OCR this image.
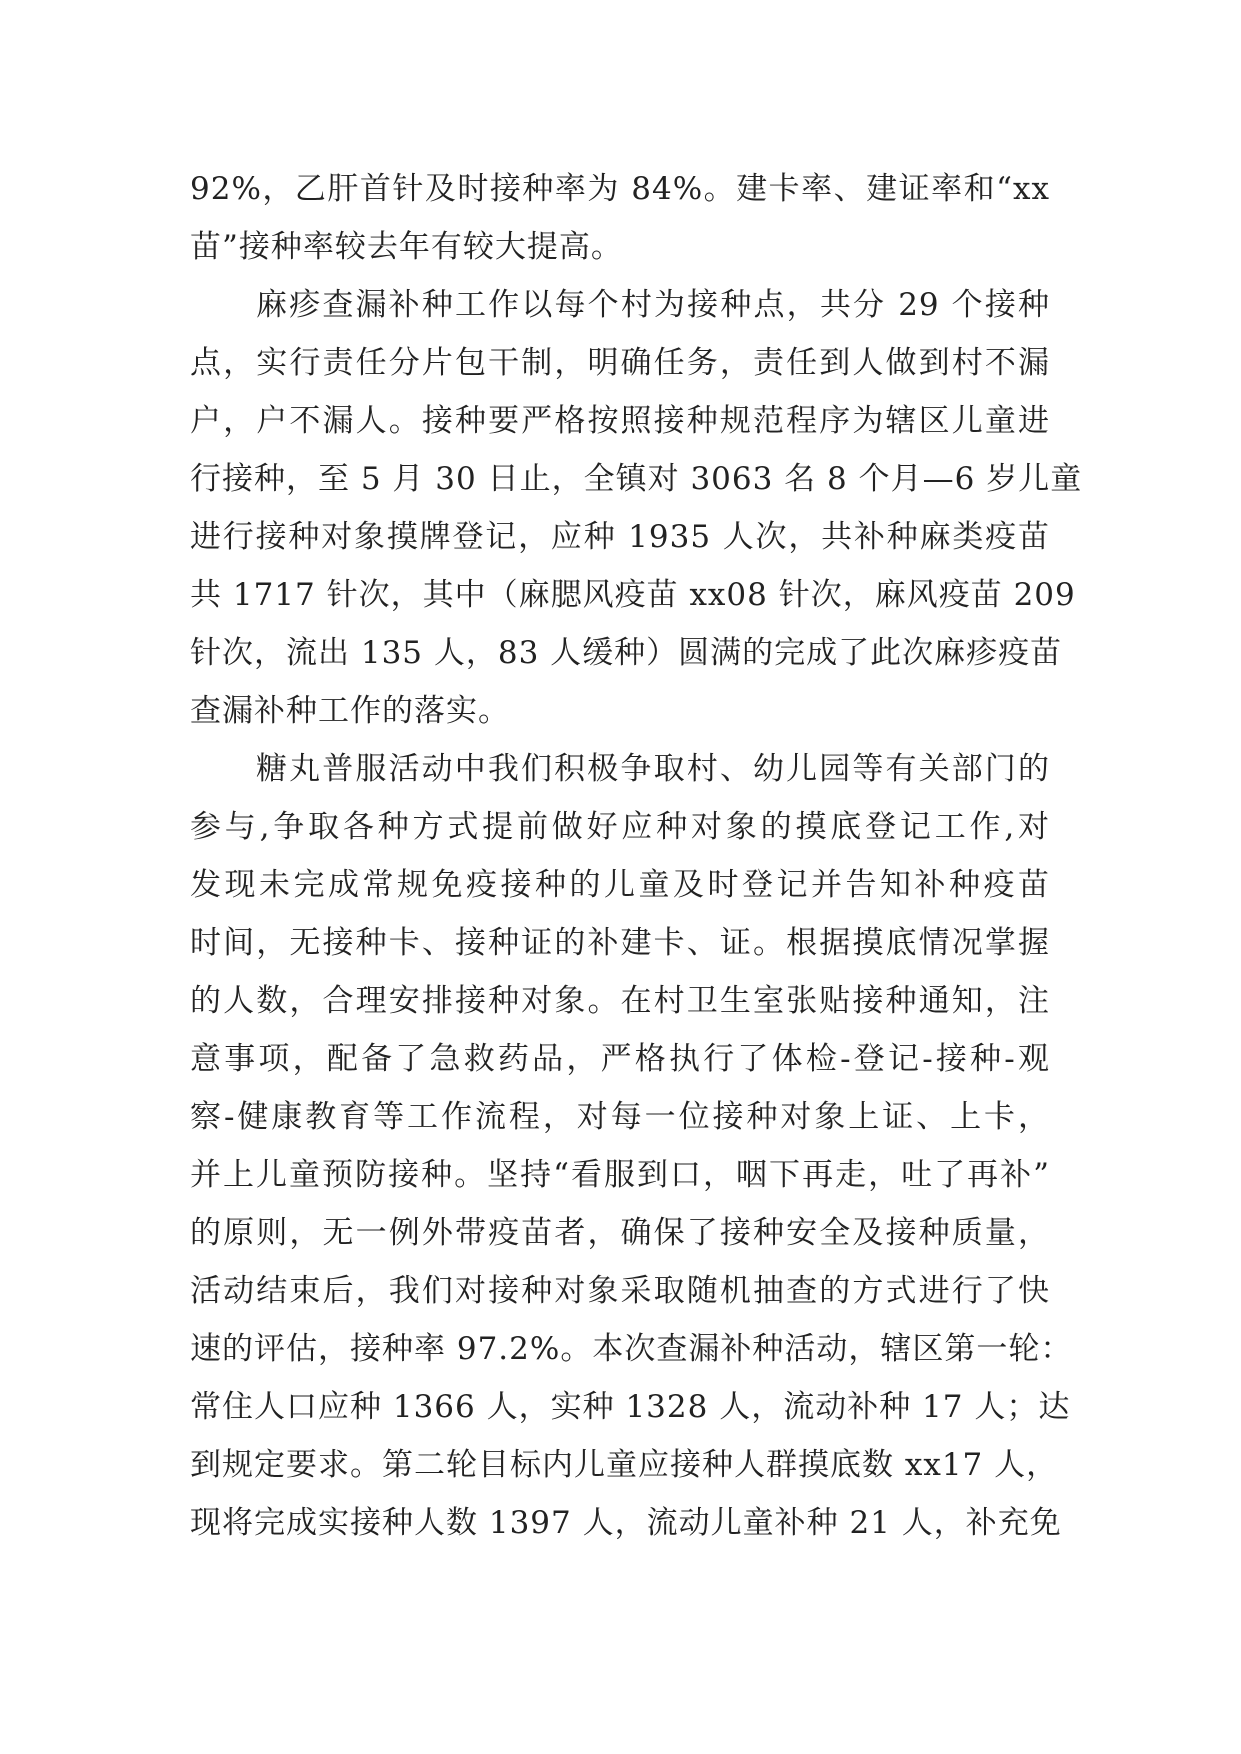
92%，乙肝首针及时接种率为 84%。建卡率、建证率和“xx
苗”接种率较去年有较大提高。
麻疹查漏补种工作以每个村为接种点，共分 29 个接种
点，实行责任分片包干制，明确任务，责任到人做到村不漏
户，户不漏人。接种要严格按照接种规范程序为辖区儿童进
行接种，至 5 月 30 日止，全镇对 3063 名 8 个月—6 岁儿童
进行接种对象摸牌登记，应种 1935 人次，共补种麻类疫苗
共 1717 针次，其中（麻腮风疫苗 xx08 针次，麻风疫苗 209
针次，流出 135 人，83 人缓种）圆满的完成了此次麻疹疫苗
查漏补种工作的落实。
糖丸普服活动中我们积极争取村、幼儿园等有关部门的
参与,争取各种方式提前做好应种对象的摸底登记工作,对
发现未完成常规免疫接种的儿童及时登记并告知补种疫苗
时间，无接种卡、接种证的补建卡、证。根据摸底情况掌握
的人数，合理安排接种对象。在村卫生室张贴接种通知，注
意事项，配备了急救药品，严格执行了体检-登记-接种-观
察-健康教育等工作流程，对每一位接种对象上证、上卡，
并上儿童预防接种。坚持“看服到口，咽下再走，吐了再补”
的原则，无一例外带疫苗者，确保了接种安全及接种质量，
活动结束后，我们对接种对象采取随机抽查的方式进行了快
速的评估，接种率 97.2%。本次查漏补种活动，辖区第一轮：
常住人口应种 1366 人，实种 1328 人，流动补种 17 人；达
到规定要求。第二轮目标内儿童应接种人群摸底数 xx17 人，
现将完成实接种人数 1397 人，流动儿童补种 21 人，补充免
